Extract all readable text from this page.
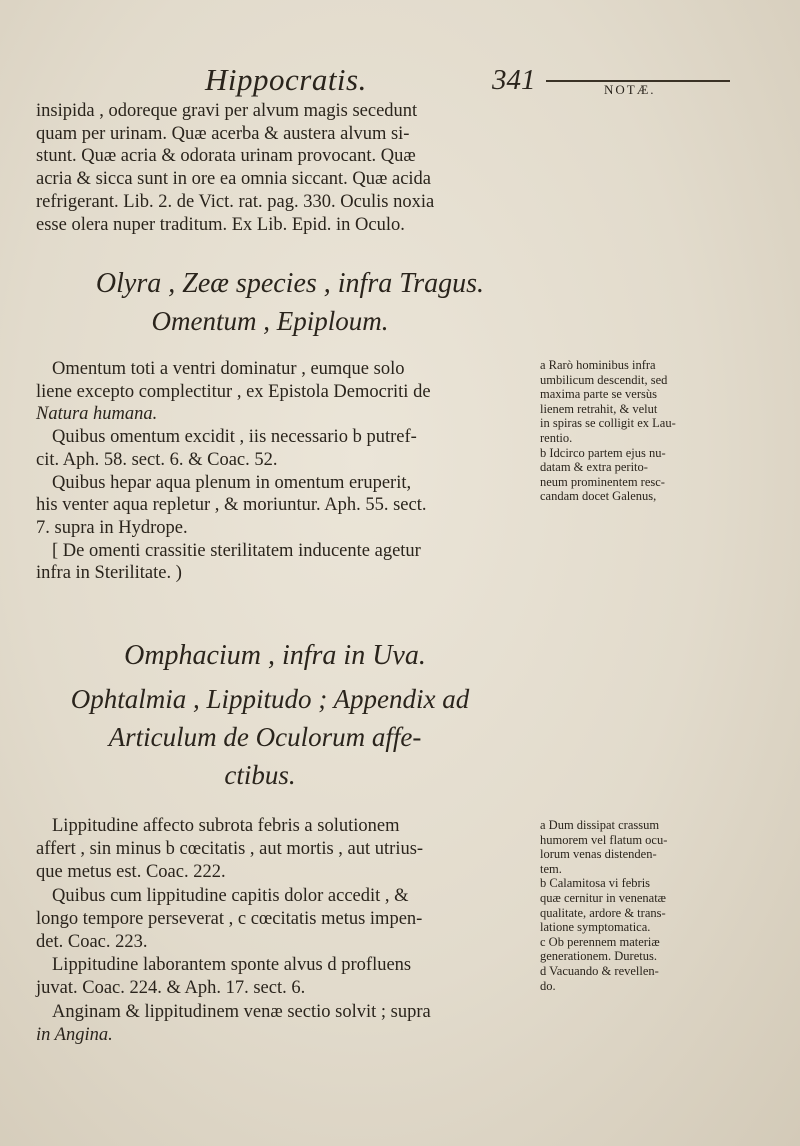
Hippocratis.	341	NOTÆ.
insipida , odoreque gravi per alvum magis secedunt
quam per urinam. Quæ acerba & austera alvum si-
stunt. Quæ acria & odorata urinam provocant. Quæ
acria & sicca sunt in ore ea omnia siccant. Quæ acida
refrigerant. Lib. 2. de Vict. rat. pag. 330. Oculis noxia
esse olera nuper traditum. Ex Lib. Epid. in Oculo.
Olyra , Zeæ species , infra Tragus.
Omentum , Epiploum.
Omentum toti a ventri dominatur , eumque solo
liene excepto complectitur , ex Epistola Democriti de
Natura humana.
Quibus omentum excidit , iis necessario b putref-
cit. Aph. 58. sect. 6. & Coac. 52.
Quibus hepar aqua plenum in omentum eruperit,
his venter aqua repletur , & moriuntur. Aph. 55. sect.
7. supra in Hydrope.
[ De omenti crassitie sterilitatem inducente agetur
infra in Sterilitate. )
a Rarò hominibus infra
umbilicum descendit, sed
maxima parte se versùs
lienem retrahit, & velut
in spiras se colligit ex Lau-
rentio.
b Idcirco partem ejus nu-
datam & extra perito-
neum prominentem resc-
candam docet Galenus,
Omphacium , infra in Uva.
Ophtalmia , Lippitudo ; Appendix ad
Articulum de Oculorum affe-
ctibus.
Lippitudine affecto subrota febris a solutionem
affert , sin minus b cœcitatis , aut mortis , aut utrius-
que metus est. Coac. 222.
Quibus cum lippitudine capitis dolor accedit , &
longo tempore perseverat , c cœcitatis metus impen-
det. Coac. 223.
Lippitudine laborantem sponte alvus d profluens
juvat. Coac. 224. & Aph. 17. sect. 6.
Anginam & lippitudinem venæ sectio solvit ; supra
in Angina.
a Dum dissipat crassum
humorem vel flatum ocu-
lorum venas distenden-
tem.
b Calamitosa vi febris
quæ cernitur in venenatæ
qualitate, ardore & trans-
latione symptomatica.
c Ob perennem materiæ
generationem. Duretus.
d Vacuando & revellen-
do.
